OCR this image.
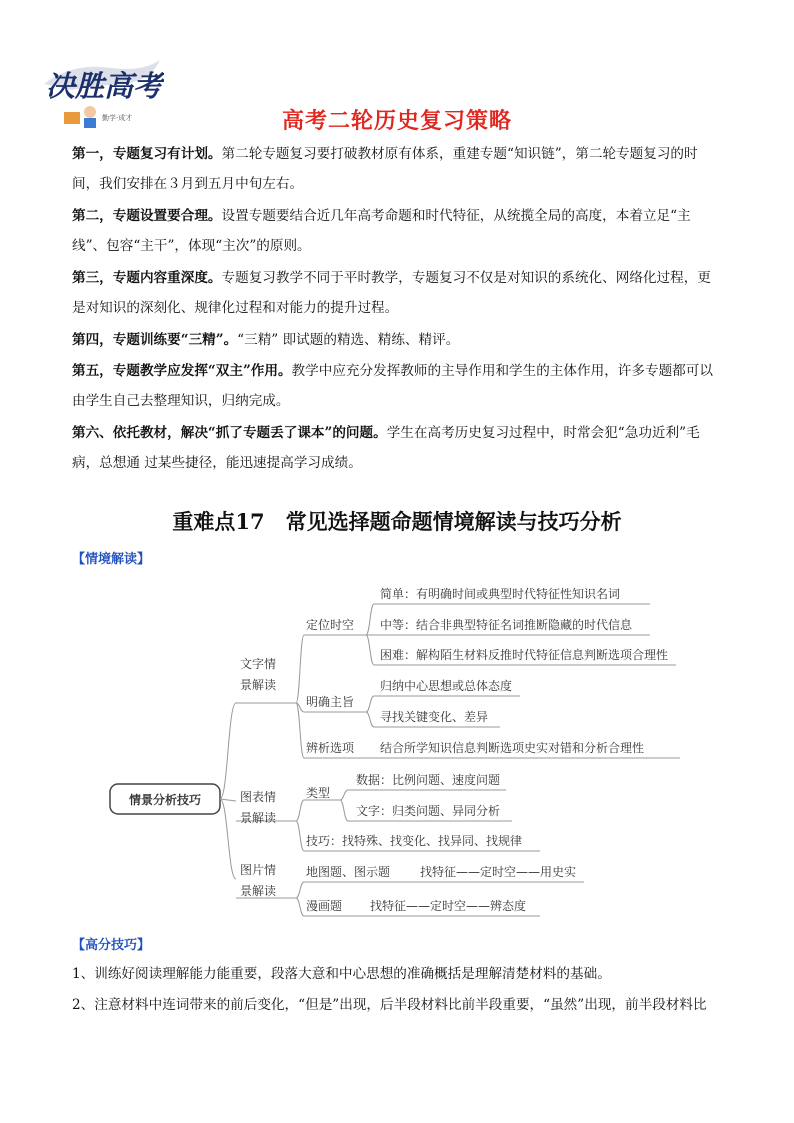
决胜高考
勤学·成才	高考二轮历史复习策略

第一，专题复习有计划。第二轮专题复习要打破教材原有体系，重建专题“知识链”，第二轮专题复习的时间，我们安排在３月到五月中旬左右。

第二，专题设置要合理。设置专题要结合近几年高考命题和时代特征，从统揽全局的高度，本着立足“主线”、包容“主干”，体现“主次”的原则。

第三，专题内容重深度。专题复习教学不同于平时教学，专题复习不仅是对知识的系统化、网络化过程，更是对知识的深刻化、规律化过程和对能力的提升过程。

第四，专题训练要“三精”。“三精” 即试题的精选、精练、精评。

第五，专题教学应发挥“双主”作用。教学中应充分发挥教师的主导作用和学生的主体作用，许多专题都可以由学生自己去整理知识，归纳完成。

第六、依托教材，解决“抓了专题丢了课本”的问题。学生在高考历史复习过程中，时常会犯“急功近利”毛病，总想通 过某些捷径，能迅速提高学习成绩。

重难点17　常见选择题命题情境解读与技巧分析
【情境解读】
情景分析技巧
文字情
景解读
图表情
景解读
图片情
景解读
定位时空
简单：有明确时间或典型时代特征性知识名词
中等：结合非典型特征名词推断隐藏的时代信息
困难：解构陌生材料反推时代特征信息判断选项合理性
明确主旨
归纳中心思想或总体态度
寻找关键变化、差异
辨析选项 结合所学知识信息判断选项史实对错和分析合理性
类型
数据：比例问题、速度问题
文字：归类问题、异同分析
技巧：找特殊、找变化、找异同、找规律
地图题、图示题 找特征——定时空——用史实
漫画题 找特征——定时空——辨态度
【高分技巧】

1、训练好阅读理解能力能重要，段落大意和中心思想的准确概括是理解清楚材料的基础。

2、注意材料中连词带来的前后变化，“但是”出现，后半段材料比前半段重要，“虽然”出现，前半段材料比
